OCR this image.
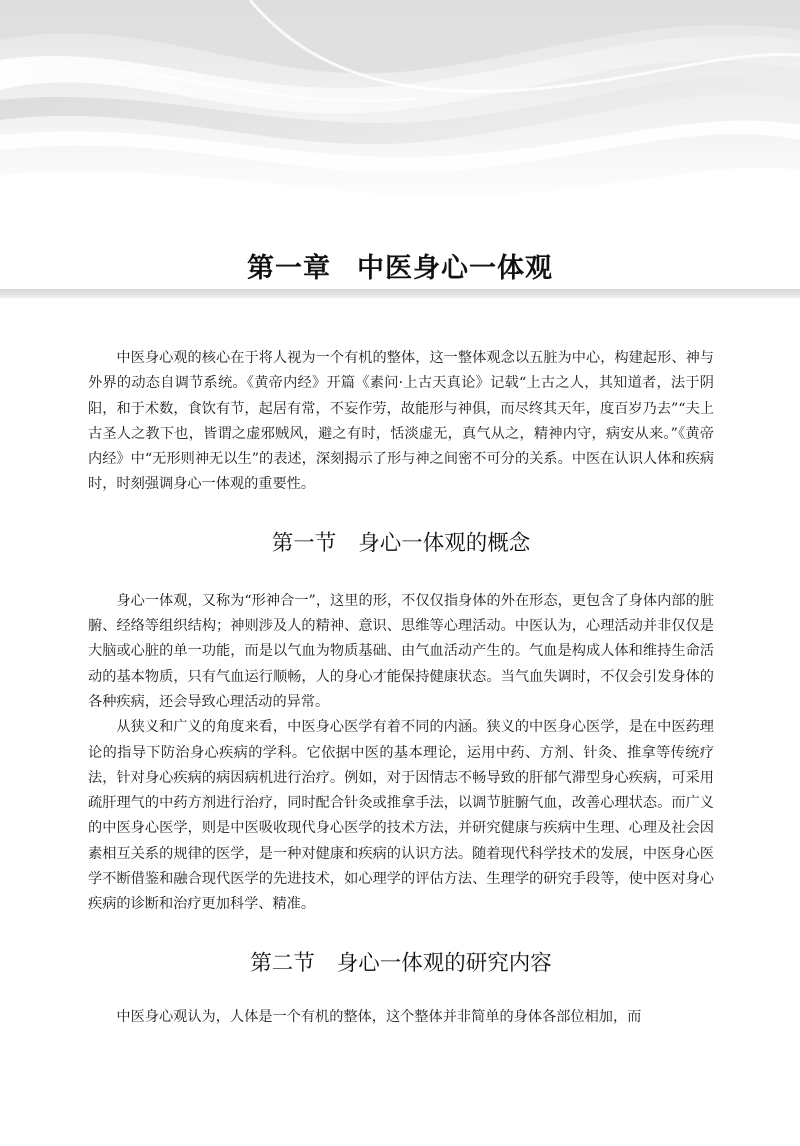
第一章 中医身心一体观

中医身心观的核心在于将人视为一个有机的整体，这一整体观念以五脏为中心，构建起形、神与外界的动态自调节系统。《黄帝内经》开篇《素问·上古天真论》记载“上古之人，其知道者，法于阴阳，和于术数，食饮有节，起居有常，不妄作劳，故能形与神俱，而尽终其天年，度百岁乃去”“夫上古圣人之教下也，皆谓之虚邪贼风，避之有时，恬淡虚无，真气从之，精神内守，病安从来。”《黄帝内经》中“无形则神无以生”的表述，深刻揭示了形与神之间密不可分的关系。中医在认识人体和疾病时，时刻强调身心一体观的重要性。

第一节 身心一体观的概念

身心一体观，又称为“形神合一”，这里的形，不仅仅指身体的外在形态，更包含了身体内部的脏腑、经络等组织结构；神则涉及人的精神、意识、思维等心理活动。中医认为，心理活动并非仅仅是大脑或心脏的单一功能，而是以气血为物质基础、由气血活动产生的。气血是构成人体和维持生命活动的基本物质，只有气血运行顺畅，人的身心才能保持健康状态。当气血失调时，不仅会引发身体的各种疾病，还会导致心理活动的异常。

从狭义和广义的角度来看，中医身心医学有着不同的内涵。狭义的中医身心医学，是在中医药理论的指导下防治身心疾病的学科。它依据中医的基本理论，运用中药、方剂、针灸、推拿等传统疗法，针对身心疾病的病因病机进行治疗。例如，对于因情志不畅导致的肝郁气滞型身心疾病，可采用疏肝理气的中药方剂进行治疗，同时配合针灸或推拿手法，以调节脏腑气血，改善心理状态。而广义的中医身心医学，则是中医吸收现代身心医学的技术方法，并研究健康与疾病中生理、心理及社会因素相互关系的规律的医学，是一种对健康和疾病的认识方法。随着现代科学技术的发展，中医身心医学不断借鉴和融合现代医学的先进技术，如心理学的评估方法、生理学的研究手段等，使中医对身心疾病的诊断和治疗更加科学、精准。

第二节 身心一体观的研究内容

中医身心观认为，人体是一个有机的整体，这个整体并非简单的身体各部位相加，而
